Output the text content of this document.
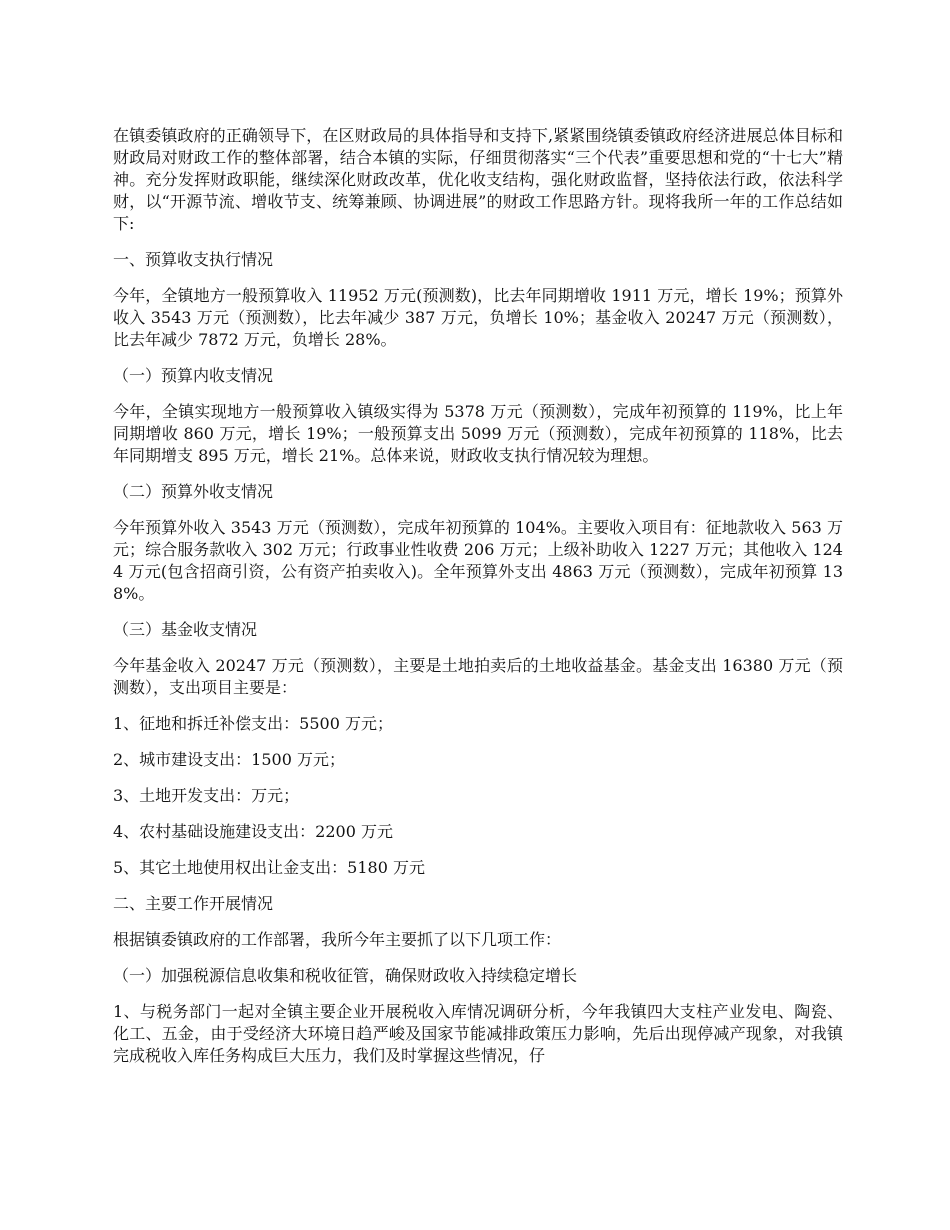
在镇委镇政府的正确领导下，在区财政局的具体指导和支持下,紧紧围绕镇委镇政府经济进展总体目标和财政局对财政工作的整体部署，结合本镇的实际，仔细贯彻落实“三个代表”重要思想和党的“十七大”精神。充分发挥财政职能，继续深化财政改革，优化收支结构，强化财政监督，坚持依法行政，依法科学财，以“开源节流、增收节支、统筹兼顾、协调进展”的财政工作思路方针。现将我所一年的工作总结如下:

一、预算收支执行情况

今年，全镇地方一般预算收入 11952 万元(预测数)，比去年同期增收 1911 万元，增长 19%；预算外收入 3543 万元（预测数），比去年减少 387 万元，负增长 10%；基金收入 20247 万元（预测数），比去年减少 7872 万元，负增长 28%。

（一）预算内收支情况

今年，全镇实现地方一般预算收入镇级实得为 5378 万元（预测数），完成年初预算的 119%，比上年同期增收 860 万元，增长 19%；一般预算支出 5099 万元（预测数），完成年初预算的 118%，比去年同期增支 895 万元，增长 21%。总体来说，财政收支执行情况较为理想。

（二）预算外收支情况

今年预算外收入 3543 万元（预测数），完成年初预算的 104%。主要收入项目有：征地款收入 563 万元；综合服务款收入 302 万元；行政事业性收费 206 万元；上级补助收入 1227 万元；其他收入 1244 万元(包含招商引资，公有资产拍卖收入)。全年预算外支出 4863 万元（预测数），完成年初预算 138%。

（三）基金收支情况

今年基金收入 20247 万元（预测数），主要是土地拍卖后的土地收益基金。基金支出 16380 万元（预测数），支出项目主要是：

1、征地和拆迁补偿支出：5500 万元；

2、城市建设支出：1500 万元；

3、土地开发支出：万元；

4、农村基础设施建设支出：2200 万元

5、其它土地使用权出让金支出：5180 万元

二、主要工作开展情况

根据镇委镇政府的工作部署，我所今年主要抓了以下几项工作：

（一）加强税源信息收集和税收征管，确保财政收入持续稳定增长

1、与税务部门一起对全镇主要企业开展税收入库情况调研分析，今年我镇四大支柱产业发电、陶瓷、化工、五金，由于受经济大环境日趋严峻及国家节能减排政策压力影响，先后出现停减产现象，对我镇完成税收入库任务构成巨大压力，我们及时掌握这些情况，仔
